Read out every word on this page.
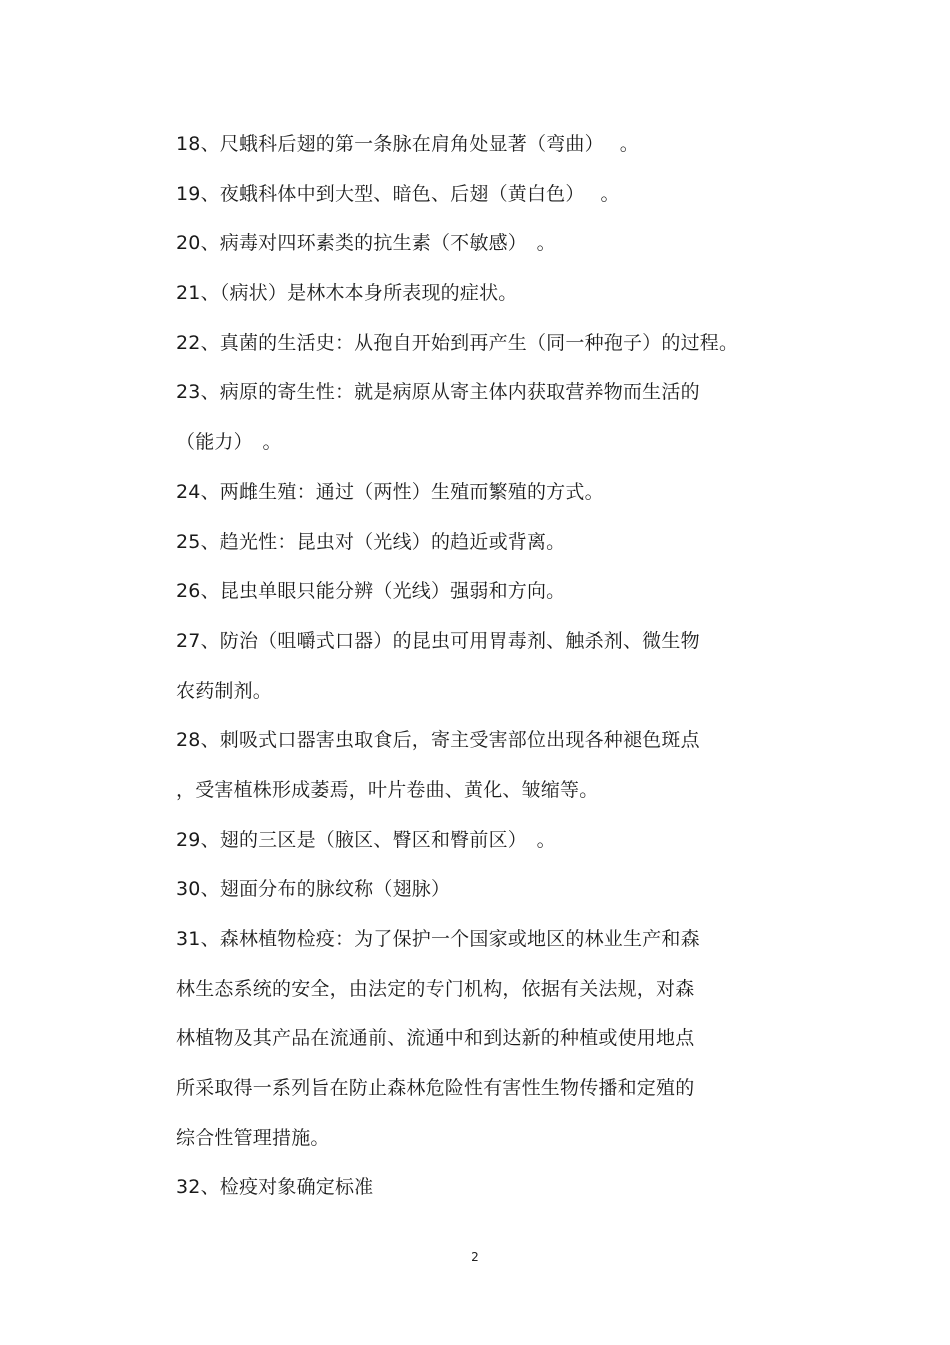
18、尺蛾科后翅的第一条脉在肩角处显著（弯曲）　 。
19、夜蛾科体中到大型、暗色、后翅（黄白色）　 。
20、病毒对四环素类的抗生素（不敏感）　。
21、（病状）是林木本身所表现的症状。
22、真菌的生活史：从孢自开始到再产生（同一种孢子）的过程。
23、病原的寄生性：就是病原从寄主体内获取营养物而生活的
（能力）　。
24、两雌生殖：通过（两性）生殖而繁殖的方式。
25、趋光性：昆虫对（光线）的趋近或背离。
26、昆虫单眼只能分辨（光线）强弱和方向。
27、防治（咀嚼式口器）的昆虫可用胃毒剂、触杀剂、微生物
农药制剂。
28、刺吸式口器害虫取食后，寄主受害部位出现各种褪色斑点
，受害植株形成萎焉，叶片卷曲、黄化、皱缩等。
29、翅的三区是（腋区、臀区和臀前区）　。
30、翅面分布的脉纹称（翅脉）
31、森林植物检疫：为了保护一个国家或地区的林业生产和森
林生态系统的安全，由法定的专门机构，依据有关法规，对森
林植物及其产品在流通前、流通中和到达新的种植或使用地点
所采取得一系列旨在防止森林危险性有害性生物传播和定殖的
综合性管理措施。
32、检疫对象确定标准
2
